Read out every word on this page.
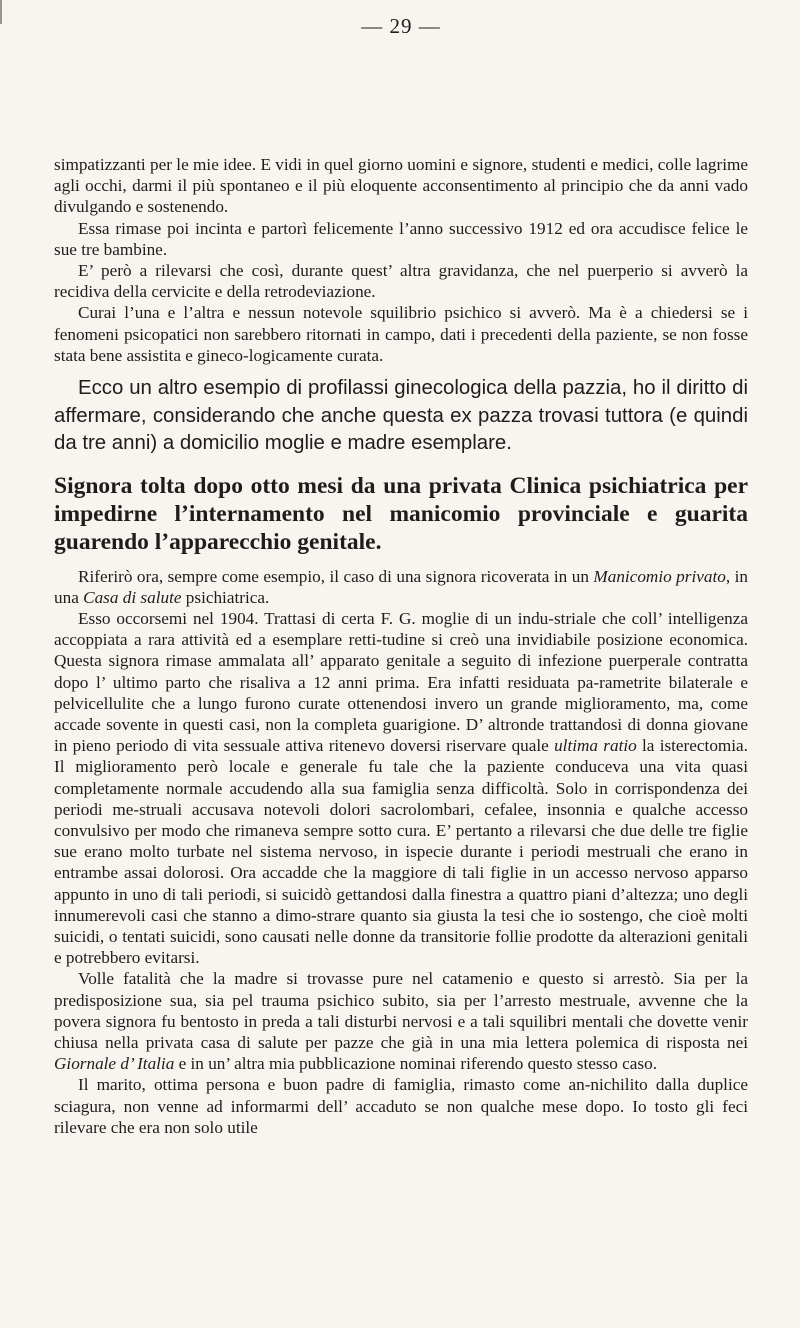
— 29 —

simpatizzanti per le mie idee. E vidi in quel giorno uomini e signore, studenti e medici, colle lagrime agli occhi, darmi il più spontaneo e il più eloquente acconsentimento al principio che da anni vado divulgando e sostenendo.

Essa rimase poi incinta e partorì felicemente l’anno successivo 1912 ed ora accudisce felice le sue tre bambine.

E’ però a rilevarsi che così, durante quest’ altra gravidanza, che nel puerperio si avverò la recidiva della cervicite e della retrodeviazione.

Curai l’una e l’altra e nessun notevole squilibrio psichico si avverò. Ma è a chiedersi se i fenomeni psicopatici non sarebbero ritornati in campo, dati i precedenti della paziente, se non fosse stata bene assistita e gineco-logicamente curata.

Ecco un altro esempio di profilassi ginecologica della pazzia, ho il diritto di affermare, considerando che anche questa ex pazza trovasi tuttora (e quindi da tre anni) a domicilio moglie e madre esemplare.

Signora tolta dopo otto mesi da una privata Clinica psichiatrica per impedirne l’internamento nel manicomio provinciale e guarita guarendo l’apparecchio genitale.

Riferirò ora, sempre come esempio, il caso di una signora ricoverata in un Manicomio privato, in una Casa di salute psichiatrica.

Esso occorsemi nel 1904. Trattasi di certa F. G. moglie di un indu-striale che coll’ intelligenza accoppiata a rara attività ed a esemplare retti-tudine si creò una invidiabile posizione economica. Questa signora rimase ammalata all’ apparato genitale a seguito di infezione puerperale contratta dopo l’ ultimo parto che risaliva a 12 anni prima. Era infatti residuata pa-rametrite bilaterale e pelvicellulite che a lungo furono curate ottenendosi invero un grande miglioramento, ma, come accade sovente in questi casi, non la completa guarigione. D’ altronde trattandosi di donna giovane in pieno periodo di vita sessuale attiva ritenevo doversi riservare quale ultima ratio la isterectomia. Il miglioramento però locale e generale fu tale che la paziente conduceva una vita quasi completamente normale accudendo alla sua famiglia senza difficoltà. Solo in corrispondenza dei periodi me-struali accusava notevoli dolori sacrolombari, cefalee, insonnia e qualche accesso convulsivo per modo che rimaneva sempre sotto cura. E’ pertanto a rilevarsi che due delle tre figlie sue erano molto turbate nel sistema nervoso, in ispecie durante i periodi mestruali che erano in entrambe assai dolorosi. Ora accadde che la maggiore di tali figlie in un accesso nervoso apparso appunto in uno di tali periodi, si suicidò gettandosi dalla finestra a quattro piani d’altezza; uno degli innumerevoli casi che stanno a dimo-strare quanto sia giusta la tesi che io sostengo, che cioè molti suicidi, o tentati suicidi, sono causati nelle donne da transitorie follie prodotte da alterazioni genitali e potrebbero evitarsi.

Volle fatalità che la madre si trovasse pure nel catamenio e questo si arrestò. Sia per la predisposizione sua, sia pel trauma psichico subito, sia per l’arresto mestruale, avvenne che la povera signora fu bentosto in preda a tali disturbi nervosi e a tali squilibri mentali che dovette venir chiusa nella privata casa di salute per pazze che già in una mia lettera polemica di risposta nei Giornale d’ Italia e in un’ altra mia pubblicazione nominai riferendo questo stesso caso.

Il marito, ottima persona e buon padre di famiglia, rimasto come an-nichilito dalla duplice sciagura, non venne ad informarmi dell’ accaduto se non qualche mese dopo. Io tosto gli feci rilevare che era non solo utile
